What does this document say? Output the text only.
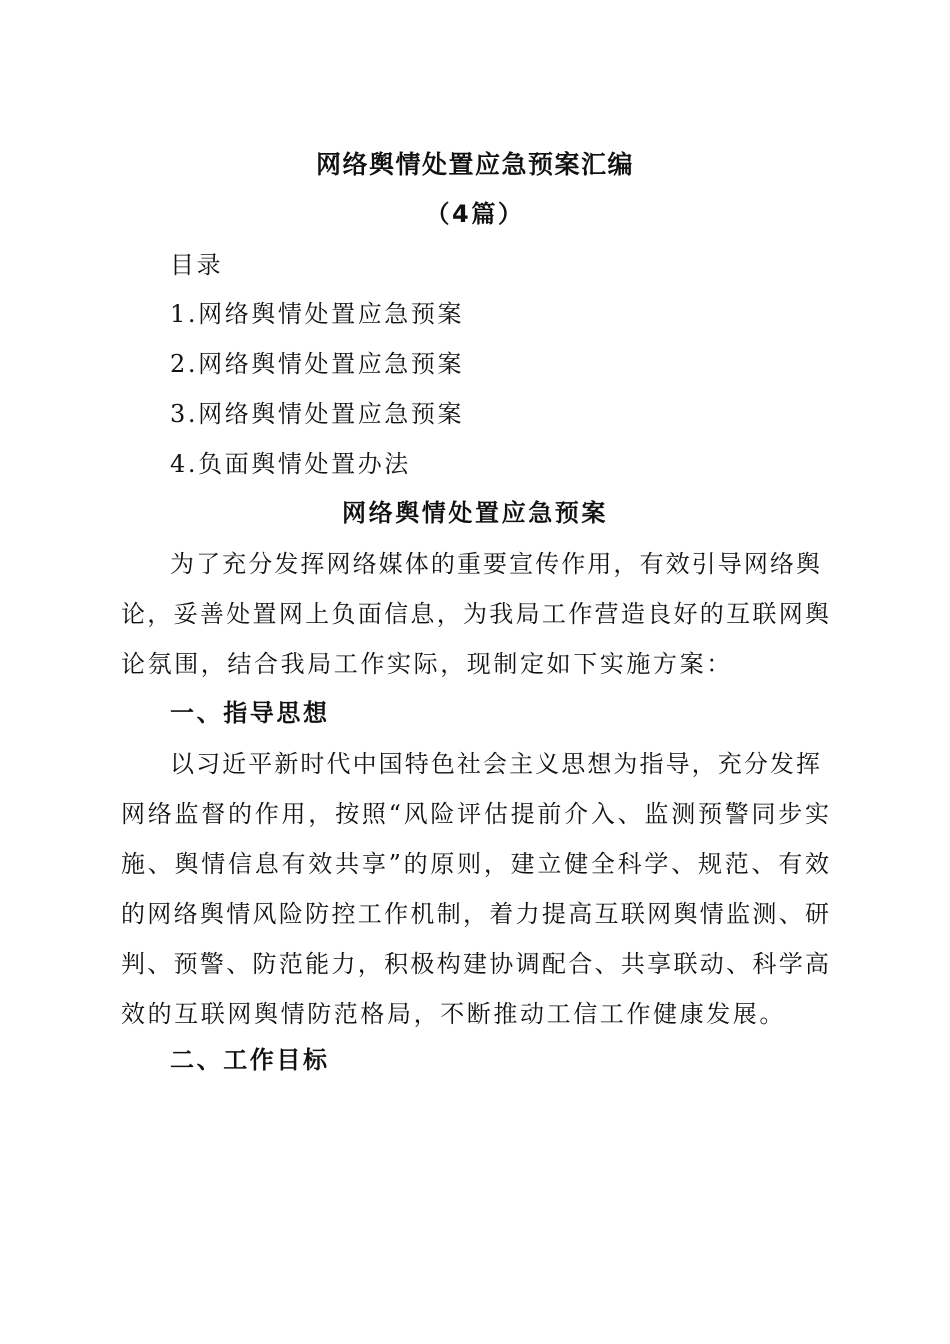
网络舆情处置应急预案汇编
（4篇）
目录
1.网络舆情处置应急预案
2.网络舆情处置应急预案
3.网络舆情处置应急预案
4.负面舆情处置办法
网络舆情处置应急预案
为了充分发挥网络媒体的重要宣传作用，有效引导网络舆
论，妥善处置网上负面信息，为我局工作营造良好的互联网舆
论氛围，结合我局工作实际，现制定如下实施方案：
一、指导思想
以习近平新时代中国特色社会主义思想为指导，充分发挥
网络监督的作用，按照“风险评估提前介入、监测预警同步实
施、舆情信息有效共享”的原则，建立健全科学、规范、有效
的网络舆情风险防控工作机制，着力提高互联网舆情监测、研
判、预警、防范能力，积极构建协调配合、共享联动、科学高
效的互联网舆情防范格局，不断推动工信工作健康发展。
二、工作目标
